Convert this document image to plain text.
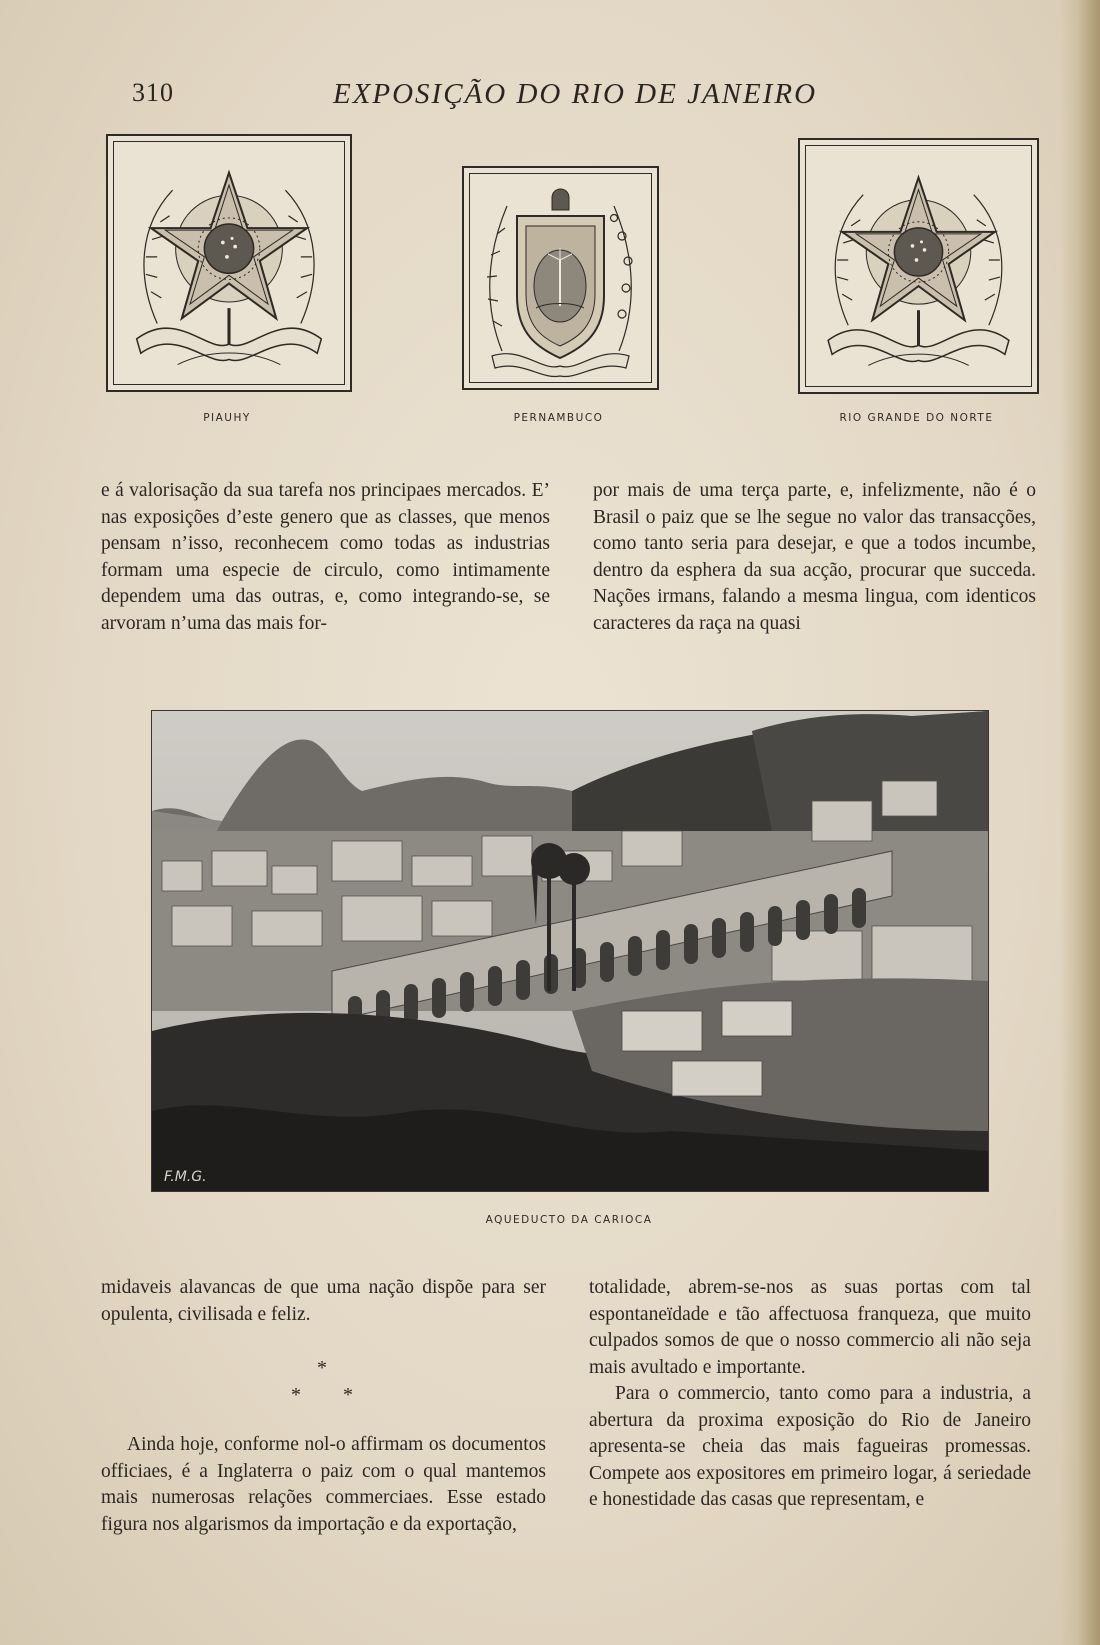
310	EXPOSIÇÃO DO RIO DE JANEIRO
PIAUHY	PERNAMBUCO	RIO GRANDE DO NORTE

e á valorisação da sua tarefa nos principaes mercados. E’ nas exposições d’este genero que as classes, que menos pensam n’isso, reconhecem como todas as industrias formam uma especie de circulo, como intimamente dependem uma das outras, e, como integrando-se, se arvoram n’uma das mais for-

por mais de uma terça parte, e, infelizmente, não é o Brasil o paiz que se lhe segue no valor das transacções, como tanto seria para desejar, e que a todos incumbe, dentro da esphera da sua acção, procurar que succeda. Nações irmans, falando a mesma lingua, com identicos caracteres da raça na quasi

F.M.G.
AQUEDUCTO DA CARIOCA

midaveis alavancas de que uma nação dispõe para ser opulenta, civilisada e feliz.

*
* *

Ainda hoje, conforme nol-o affirmam os documentos officiaes, é a Inglaterra o paiz com o qual mantemos mais numerosas relações commerciaes. Esse estado figura nos algarismos da importação e da exportação,

totalidade, abrem-se-nos as suas portas com tal espontaneïdade e tão affectuosa franqueza, que muito culpados somos de que o nosso commercio ali não seja mais avultado e importante.

Para o commercio, tanto como para a industria, a abertura da proxima exposição do Rio de Janeiro apresenta-se cheia das mais fagueiras promessas. Compete aos expositores em primeiro logar, á seriedade e honestidade das casas que representam, e
